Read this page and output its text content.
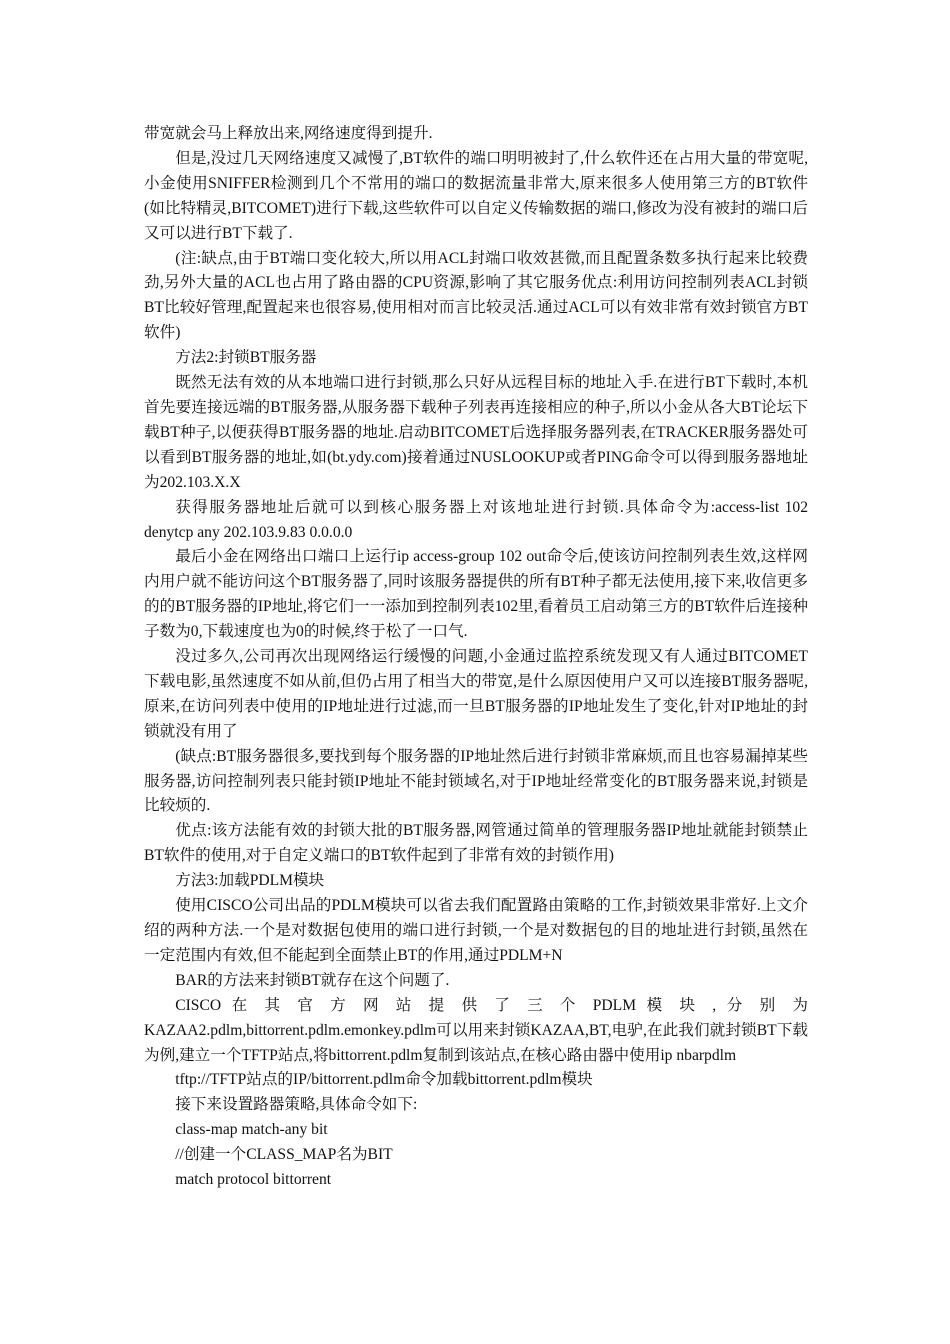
带宽就会马上释放出来,网络速度得到提升.

但是,没过几天网络速度又减慢了,BT软件的端口明明被封了,什么软件还在占用大量的带宽呢,小金使用SNIFFER检测到几个不常用的端口的数据流量非常大,原来很多人使用第三方的BT软件(如比特精灵,BITCOMET)进行下载,这些软件可以自定义传输数据的端口,修改为没有被封的端口后又可以进行BT下载了.

(注:缺点,由于BT端口变化较大,所以用ACL封端口收效甚微,而且配置条数多执行起来比较费劲,另外大量的ACL也占用了路由器的CPU资源,影响了其它服务优点:利用访问控制列表ACL封锁BT比较好管理,配置起来也很容易,使用相对而言比较灵活.通过ACL可以有效非常有效封锁官方BT软件)

方法2:封锁BT服务器

既然无法有效的从本地端口进行封锁,那么只好从远程目标的地址入手.在进行BT下载时,本机首先要连接远端的BT服务器,从服务器下载种子列表再连接相应的种子,所以小金从各大BT论坛下载BT种子,以便获得BT服务器的地址.启动BITCOMET后选择服务器列表,在TRACKER服务器处可以看到BT服务器的地址,如(bt.ydy.com)接着通过NUSLOOKUP或者PING命令可以得到服务器地址为202.103.X.X

获得服务器地址后就可以到核心服务器上对该地址进行封锁.具体命令为:access-list 102 denytcp any 202.103.9.83 0.0.0.0

最后小金在网络出口端口上运行ip access-group 102 out命令后,使该访问控制列表生效,这样网内用户就不能访问这个BT服务器了,同时该服务器提供的所有BT种子都无法使用,接下来,收信更多的的BT服务器的IP地址,将它们一一添加到控制列表102里,看着员工启动第三方的BT软件后连接种子数为0,下载速度也为0的时候,终于松了一口气.

没过多久,公司再次出现网络运行缓慢的问题,小金通过监控系统发现又有人通过BITCOMET下载电影,虽然速度不如从前,但仍占用了相当大的带宽,是什么原因使用户又可以连接BT服务器呢,原来,在访问列表中使用的IP地址进行过滤,而一旦BT服务器的IP地址发生了变化,针对IP地址的封锁就没有用了

(缺点:BT服务器很多,要找到每个服务器的IP地址然后进行封锁非常麻烦,而且也容易漏掉某些服务器,访问控制列表只能封锁IP地址不能封锁域名,对于IP地址经常变化的BT服务器来说,封锁是比较烦的.

优点:该方法能有效的封锁大批的BT服务器,网管通过简单的管理服务器IP地址就能封锁禁止BT软件的使用,对于自定义端口的BT软件起到了非常有效的封锁作用)

方法3:加载PDLM模块

使用CISCO公司出品的PDLM模块可以省去我们配置路由策略的工作,封锁效果非常好.上文介绍的两种方法.一个是对数据包使用的端口进行封锁,一个是对数据包的目的地址进行封锁,虽然在一定范围内有效,但不能起到全面禁止BT的作用,通过PDLM+N

BAR的方法来封锁BT就存在这个问题了.

CISCO 在 其 官 方 网 站 提 供 了 三 个 PDLM 模 块 , 分 别 为

KAZAA2.pdlm,bittorrent.pdlm.emonkey.pdlm可以用来封锁KAZAA,BT,电驴,在此我们就封锁BT下载为例,建立一个TFTP站点,将bittorrent.pdlm复制到该站点,在核心路由器中使用ip nbarpdlm

tftp://TFTP站点的IP/bittorrent.pdlm命令加载bittorrent.pdlm模块

接下来设置路器策略,具体命令如下:

class-map match-any bit

//创建一个CLASS_MAP名为BIT

match protocol bittorrent
